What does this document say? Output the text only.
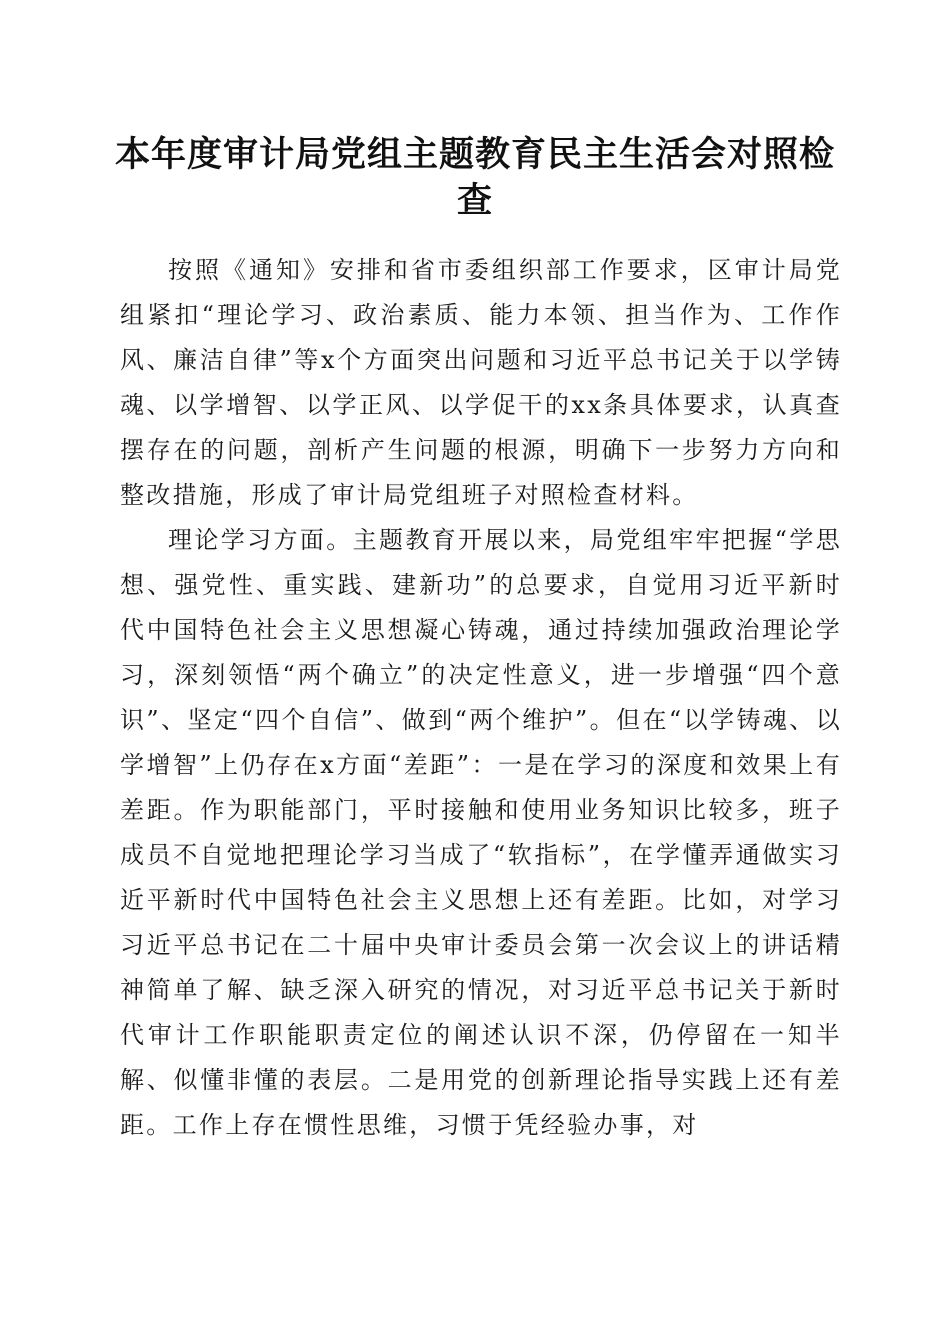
本年度审计局党组主题教育民主生活会对照检查

按照《通知》安排和省市委组织部工作要求，区审计局党组紧扣“理论学习、政治素质、能力本领、担当作为、工作作风、廉洁自律”等x个方面突出问题和习近平总书记关于以学铸魂、以学增智、以学正风、以学促干的xx条具体要求，认真查摆存在的问题，剖析产生问题的根源，明确下一步努力方向和整改措施，形成了审计局党组班子对照检查材料。

理论学习方面。主题教育开展以来，局党组牢牢把握“学思想、强党性、重实践、建新功”的总要求，自觉用习近平新时代中国特色社会主义思想凝心铸魂，通过持续加强政治理论学习，深刻领悟“两个确立”的决定性意义，进一步增强“四个意识”、坚定“四个自信”、做到“两个维护”。但在“以学铸魂、以学增智”上仍存在x方面“差距”：一是在学习的深度和效果上有差距。作为职能部门，平时接触和使用业务知识比较多，班子成员不自觉地把理论学习当成了“软指标”，在学懂弄通做实习近平新时代中国特色社会主义思想上还有差距。比如，对学习习近平总书记在二十届中央审计委员会第一次会议上的讲话精神简单了解、缺乏深入研究的情况，对习近平总书记关于新时代审计工作职能职责定位的阐述认识不深，仍停留在一知半解、似懂非懂的表层。二是用党的创新理论指导实践上还有差距。工作上存在惯性思维，习惯于凭经验办事，对
